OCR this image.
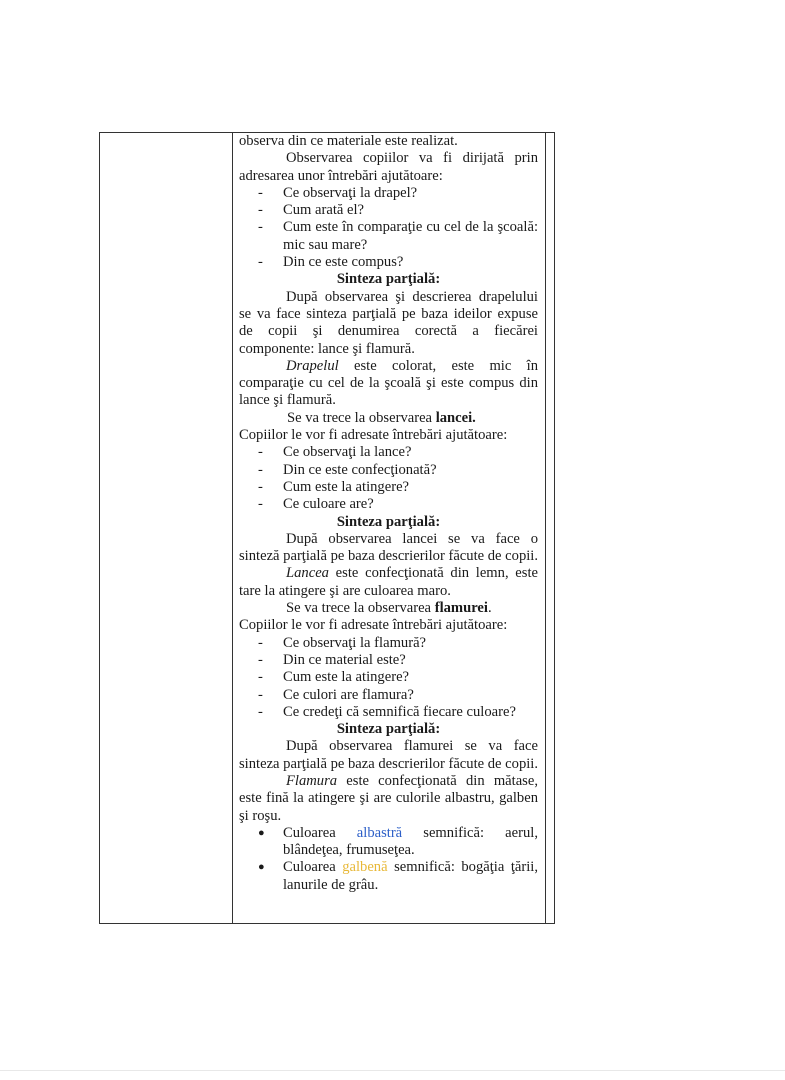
observa din ce materiale este realizat.

Observarea copiilor va fi dirijată prin adresarea unor întrebări ajutătoare:

- Ce observaţi la drapel?

- Cum arată el?

- Cum este în comparaţie cu cel de la şcoală: mic sau mare?

- Din ce este compus?

Sinteza parţială:

După observarea şi descrierea drapelului se va face sinteza parţială pe baza ideilor expuse de copii şi denumirea corectă a fiecărei componente: lance şi flamură.

Drapelul este colorat, este mic în comparaţie cu cel de la şcoală şi este compus din lance şi flamură.

Se va trece la observarea lancei.

Copiilor le vor fi adresate întrebări ajutătoare:

- Ce observaţi la lance?

- Din ce este confecţionată?

- Cum este la atingere?

- Ce culoare are?

Sinteza parţială:

După observarea lancei se va face o sinteză parţială pe baza descrierilor făcute de copii.

Lancea este confecţionată din lemn, este tare la atingere şi are culoarea maro.

Se va trece la observarea flamurei.

Copiilor le vor fi adresate întrebări ajutătoare:

- Ce observaţi la flamură?

- Din ce material este?

- Cum este la atingere?

- Ce culori are flamura?

- Ce credeţi că semnifică fiecare culoare?

Sinteza parţială:

După observarea flamurei se va face sinteza parţială pe baza descrierilor făcute de copii.

Flamura este confecţionată din mătase, este fină la atingere şi are culorile albastru, galben şi roşu.

● Culoarea albastră semnifică: aerul, blândeţea, frumuseţea.

● Culoarea galbenă semnifică: bogăţia ţării, lanurile de grâu.
